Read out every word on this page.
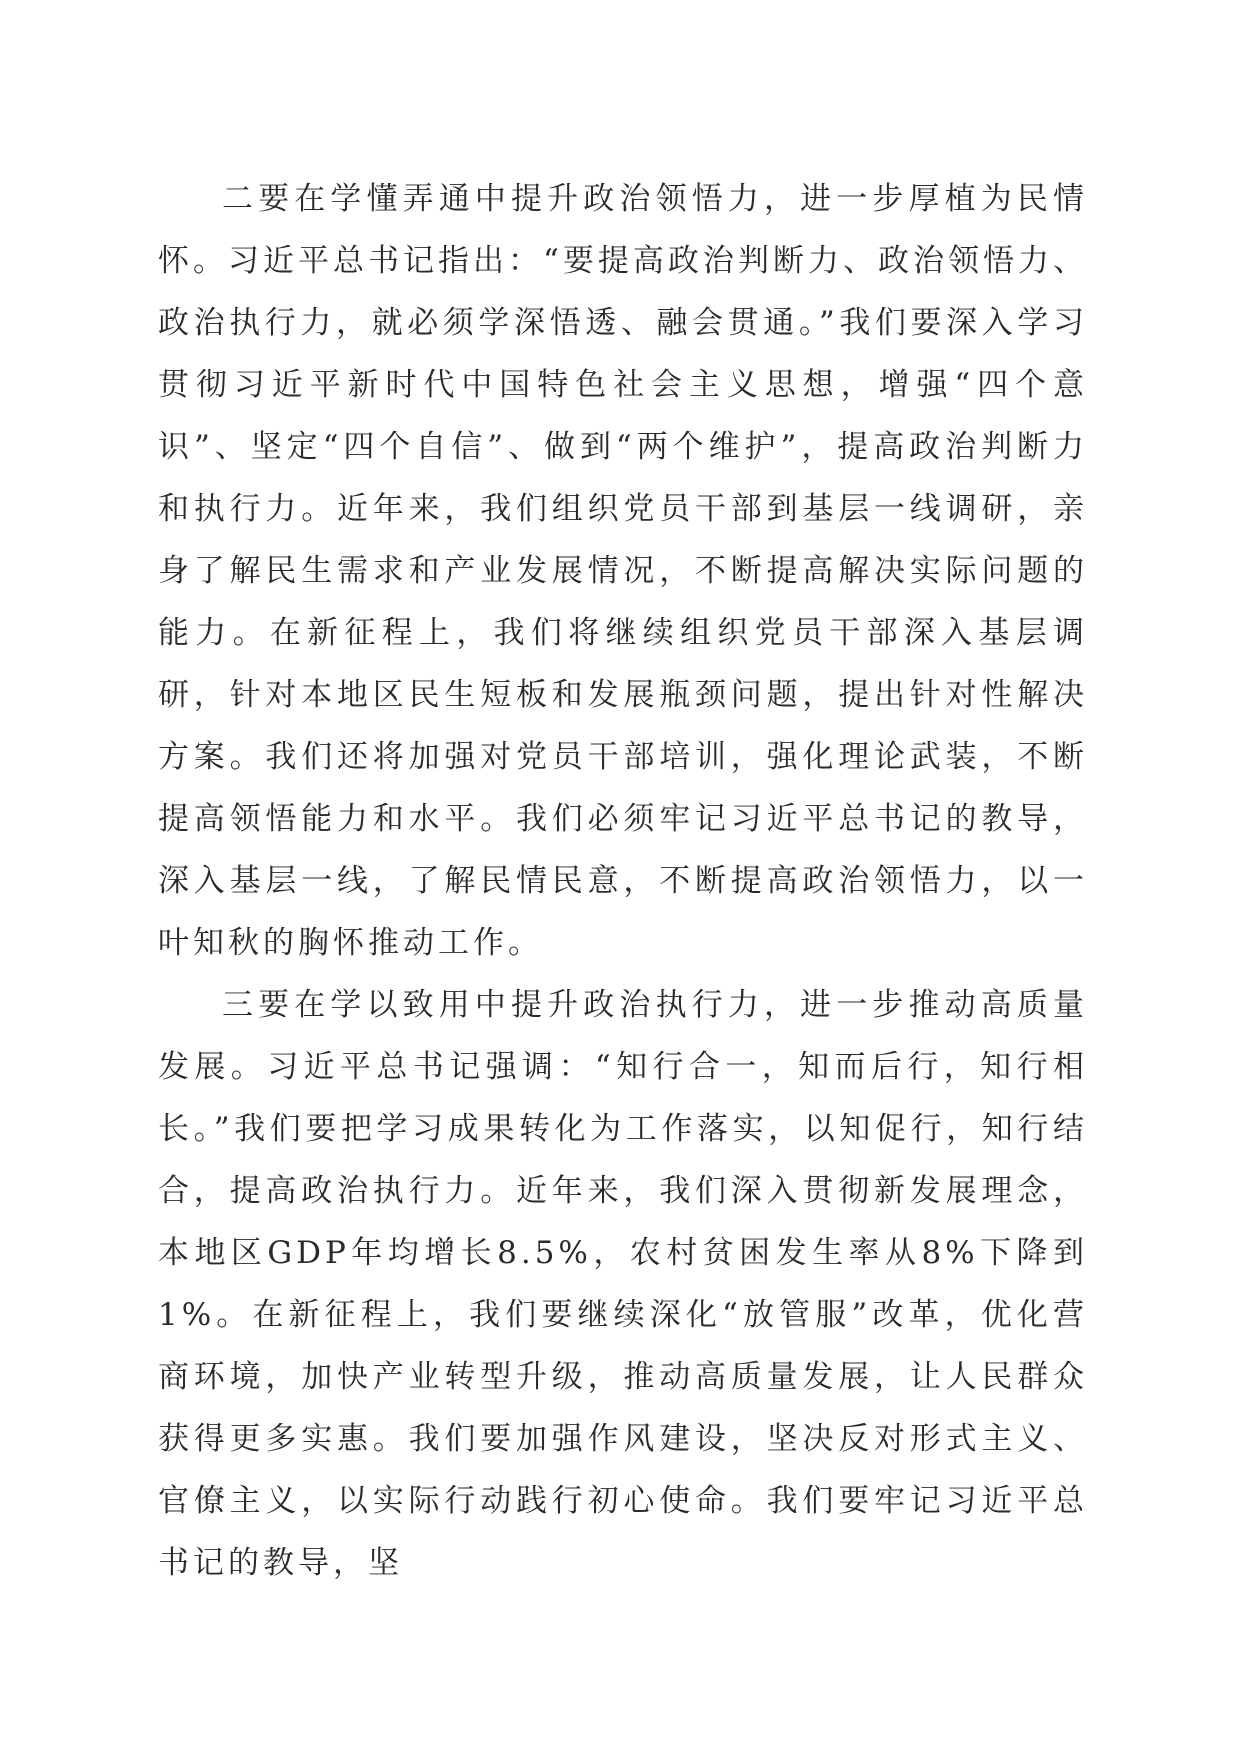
二要在学懂弄通中提升政治领悟力，进一步厚植为民情怀。习近平总书记指出：“要提高政治判断力、政治领悟力、政治执行力，就必须学深悟透、融会贯通。”我们要深入学习贯彻习近平新时代中国特色社会主义思想，增强“四个意识”、坚定“四个自信”、做到“两个维护”，提高政治判断力和执行力。近年来，我们组织党员干部到基层一线调研，亲身了解民生需求和产业发展情况，不断提高解决实际问题的能力。在新征程上，我们将继续组织党员干部深入基层调研，针对本地区民生短板和发展瓶颈问题，提出针对性解决方案。我们还将加强对党员干部培训，强化理论武装，不断提高领悟能力和水平。我们必须牢记习近平总书记的教导，深入基层一线，了解民情民意，不断提高政治领悟力，以一叶知秋的胸怀推动工作。

三要在学以致用中提升政治执行力，进一步推动高质量发展。习近平总书记强调：“知行合一，知而后行，知行相长。”我们要把学习成果转化为工作落实，以知促行，知行结合，提高政治执行力。近年来，我们深入贯彻新发展理念，本地区GDP年均增长8.5%，农村贫困发生率从8%下降到1%。在新征程上，我们要继续深化“放管服”改革，优化营商环境，加快产业转型升级，推动高质量发展，让人民群众获得更多实惠。我们要加强作风建设，坚决反对形式主义、官僚主义，以实际行动践行初心使命。我们要牢记习近平总书记的教导，坚
